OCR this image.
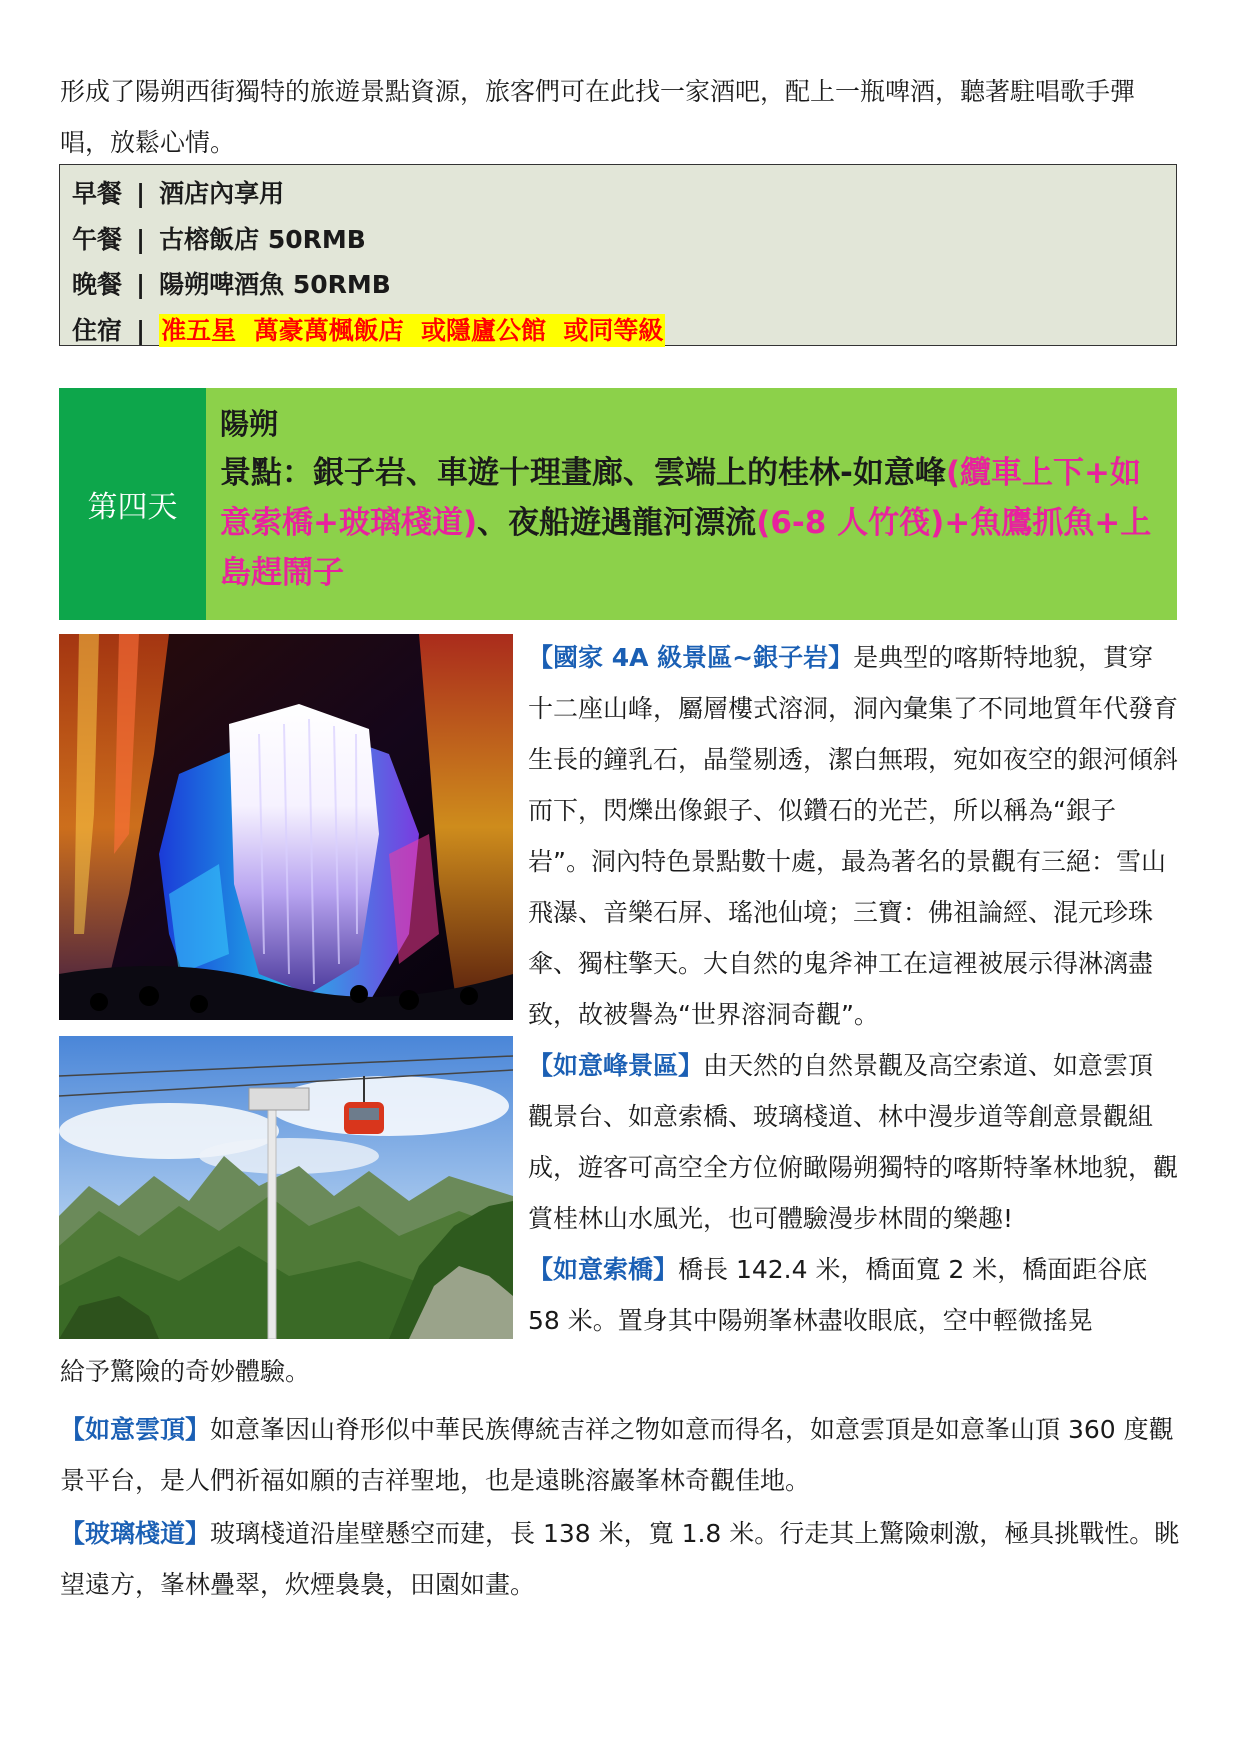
形成了陽朔西街獨特的旅遊景點資源，旅客們可在此找一家酒吧，配上一瓶啤酒，聽著駐唱歌手彈唱，放鬆心情。

早餐 | 酒店內享用
午餐 | 古榕飯店 50RMB
晚餐 | 陽朔啤酒魚 50RMB
住宿 | 准五星  萬豪萬楓飯店  或隱廬公館  或同等級
第四天
陽朔
景點：銀子岩、車遊十理畫廊、雲端上的桂林-如意峰(纜車上下+如意索橋+玻璃棧道)、夜船遊遇龍河漂流(6-8 人竹筏)+魚鷹抓魚+上島趕鬧子

【國家 4A 級景區~銀子岩】是典型的喀斯特地貌，貫穿十二座山峰，屬層樓式溶洞，洞內彙集了不同地質年代發育生長的鐘乳石，晶瑩剔透，潔白無瑕，宛如夜空的銀河傾斜而下，閃爍出像銀子、似鑽石的光芒，所以稱為“銀子岩”。洞內特色景點數十處，最為著名的景觀有三絕：雪山飛瀑、音樂石屏、瑤池仙境；三寶：佛祖論經、混元珍珠傘、獨柱擎天。大自然的鬼斧神工在這裡被展示得淋漓盡致，故被譽為“世界溶洞奇觀”。

【如意峰景區】由天然的自然景觀及高空索道、如意雲頂觀景台、如意索橋、玻璃棧道、林中漫步道等創意景觀組成，遊客可高空全方位俯瞰陽朔獨特的喀斯特峯林地貌，觀賞桂林山水風光，也可體驗漫步林間的樂趣!

【如意索橋】橋長 142.4 米，橋面寬 2 米，橋面距谷底 58 米。置身其中陽朔峯林盡收眼底，空中輕微搖晃

給予驚險的奇妙體驗。

【如意雲頂】如意峯因山脊形似中華民族傳統吉祥之物如意而得名，如意雲頂是如意峯山頂 360 度觀景平台，是人們祈福如願的吉祥聖地，也是遠眺溶巖峯林奇觀佳地。

【玻璃棧道】玻璃棧道沿崖壁懸空而建，長 138 米，寬 1.8 米。行走其上驚險刺激，極具挑戰性。眺望遠方，峯林疊翠，炊煙裊裊，田園如畫。
